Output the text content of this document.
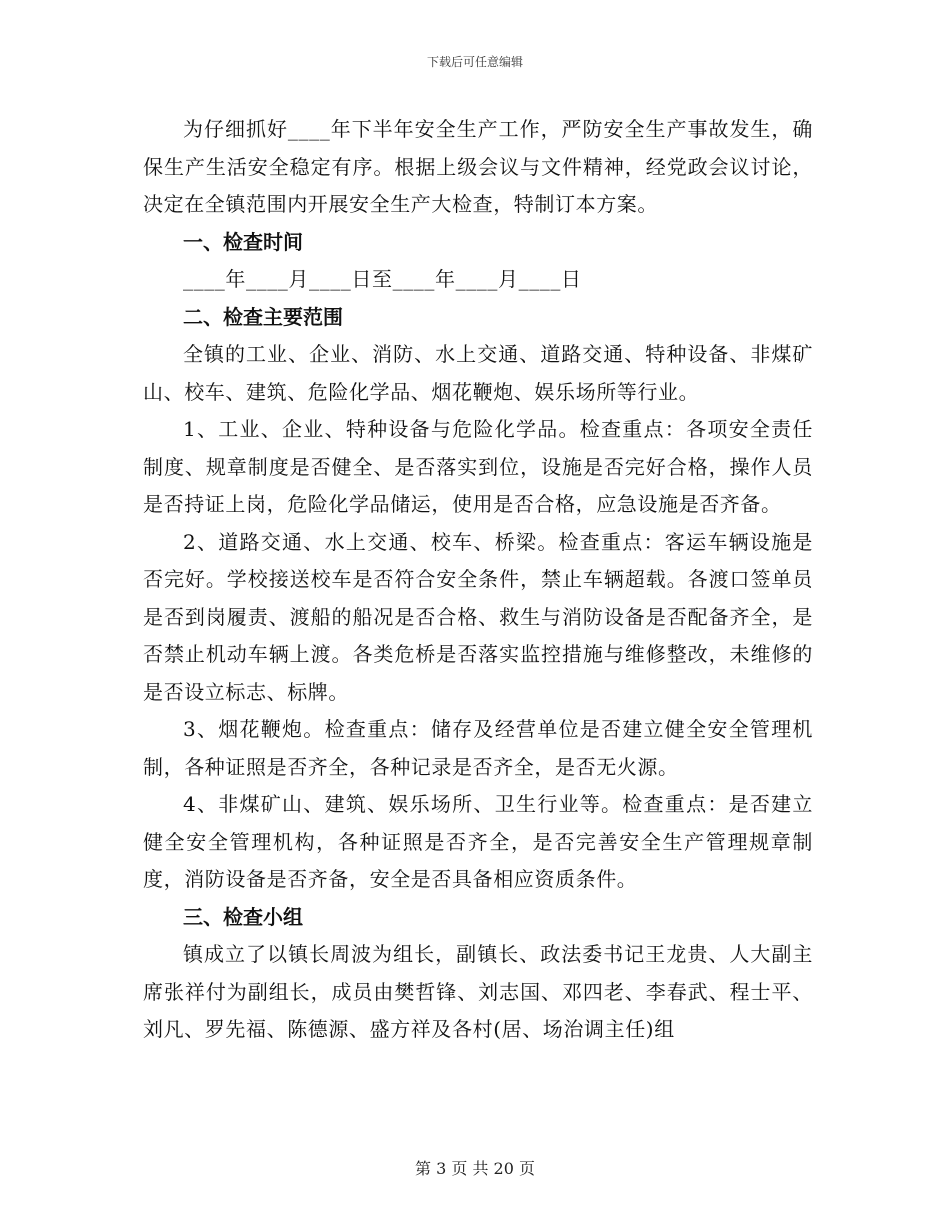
下载后可任意编辑

为仔细抓好____年下半年安全生产工作，严防安全生产事故发生，确保生产生活安全稳定有序。根据上级会议与文件精神，经党政会议讨论，决定在全镇范围内开展安全生产大检查，特制订本方案。

一、检查时间

____年____月____日至____年____月____日

二、检查主要范围

全镇的工业、企业、消防、水上交通、道路交通、特种设备、非煤矿山、校车、建筑、危险化学品、烟花鞭炮、娱乐场所等行业。

1、工业、企业、特种设备与危险化学品。检查重点：各项安全责任制度、规章制度是否健全、是否落实到位，设施是否完好合格，操作人员是否持证上岗，危险化学品储运，使用是否合格，应急设施是否齐备。

2、道路交通、水上交通、校车、桥梁。检查重点：客运车辆设施是否完好。学校接送校车是否符合安全条件，禁止车辆超载。各渡口签单员是否到岗履责、渡船的船况是否合格、救生与消防设备是否配备齐全，是否禁止机动车辆上渡。各类危桥是否落实监控措施与维修整改，未维修的是否设立标志、标牌。

3、烟花鞭炮。检查重点：储存及经营单位是否建立健全安全管理机制，各种证照是否齐全，各种记录是否齐全，是否无火源。

4、非煤矿山、建筑、娱乐场所、卫生行业等。检查重点：是否建立健全安全管理机构，各种证照是否齐全，是否完善安全生产管理规章制度，消防设备是否齐备，安全是否具备相应资质条件。

三、检查小组

镇成立了以镇长周波为组长，副镇长、政法委书记王龙贵、人大副主席张祥付为副组长，成员由樊哲锋、刘志国、邓四老、李春武、程士平、刘凡、罗先福、陈德源、盛方祥及各村(居、场治调主任)组

第 3 页 共 20 页
